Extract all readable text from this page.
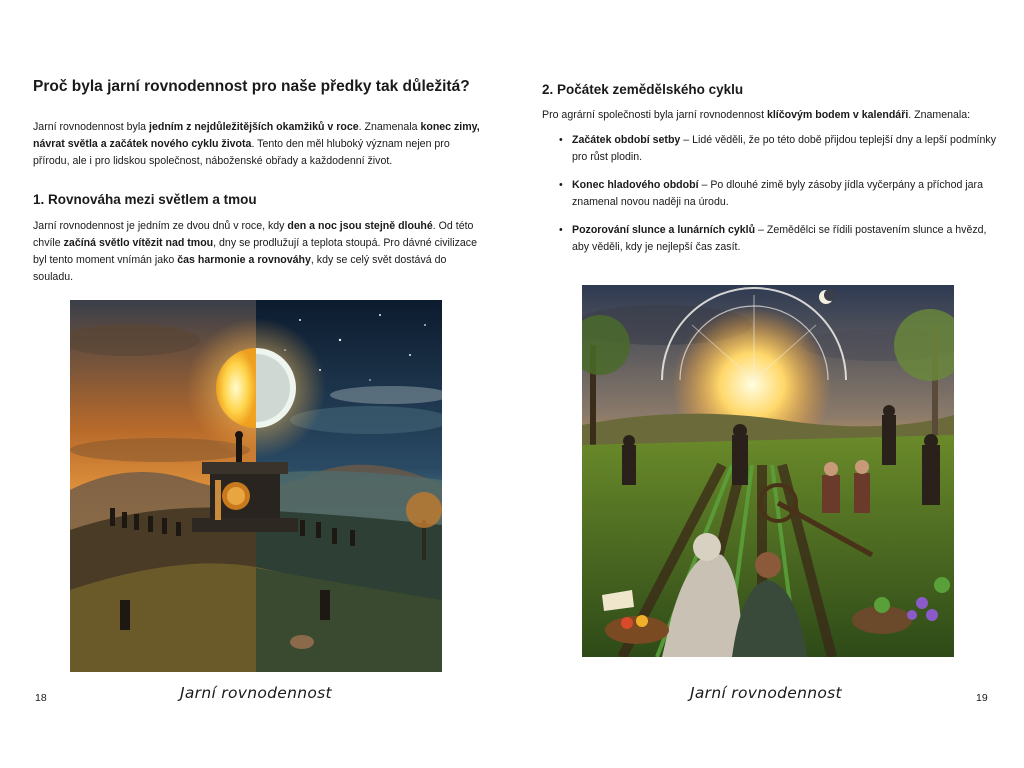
Proč byla jarní rovnodennost pro naše předky tak důležitá?

Jarní rovnodennost byla jedním z nejdůležitějších okamžiků v roce. Znamenala konec zimy, návrat světla a začátek nového cyklu života. Tento den měl hluboký význam nejen pro přírodu, ale i pro lidskou společnost, náboženské obřady a každodenní život.

1. Rovnováha mezi světlem a tmou

Jarní rovnodennost je jedním ze dvou dnů v roce, kdy den a noc jsou stejně dlouhé. Od této chvíle začíná světlo vítězit nad tmou, dny se prodlužují a teplota stoupá. Pro dávné civilizace byl tento moment vnímán jako čas harmonie a rovnováhy, kdy se celý svět dostává do souladu.

18	Jarní rovnodennost
2. Počátek zemědělského cyklu

Pro agrární společnosti byla jarní rovnodennost klíčovým bodem v kalendáři. Znamenala:

• Začátek období setby – Lidé věděli, že po této době přijdou teplejší dny a lepší podmínky pro růst plodin.
• Konec hladového období – Po dlouhé zimě byly zásoby jídla vyčerpány a příchod jara znamenal novou naději na úrodu.
• Pozorování slunce a lunárních cyklů – Zemědělci se řídili postavením slunce a hvězd, aby věděli, kdy je nejlepší čas zasít.
Jarní rovnodennost	19
